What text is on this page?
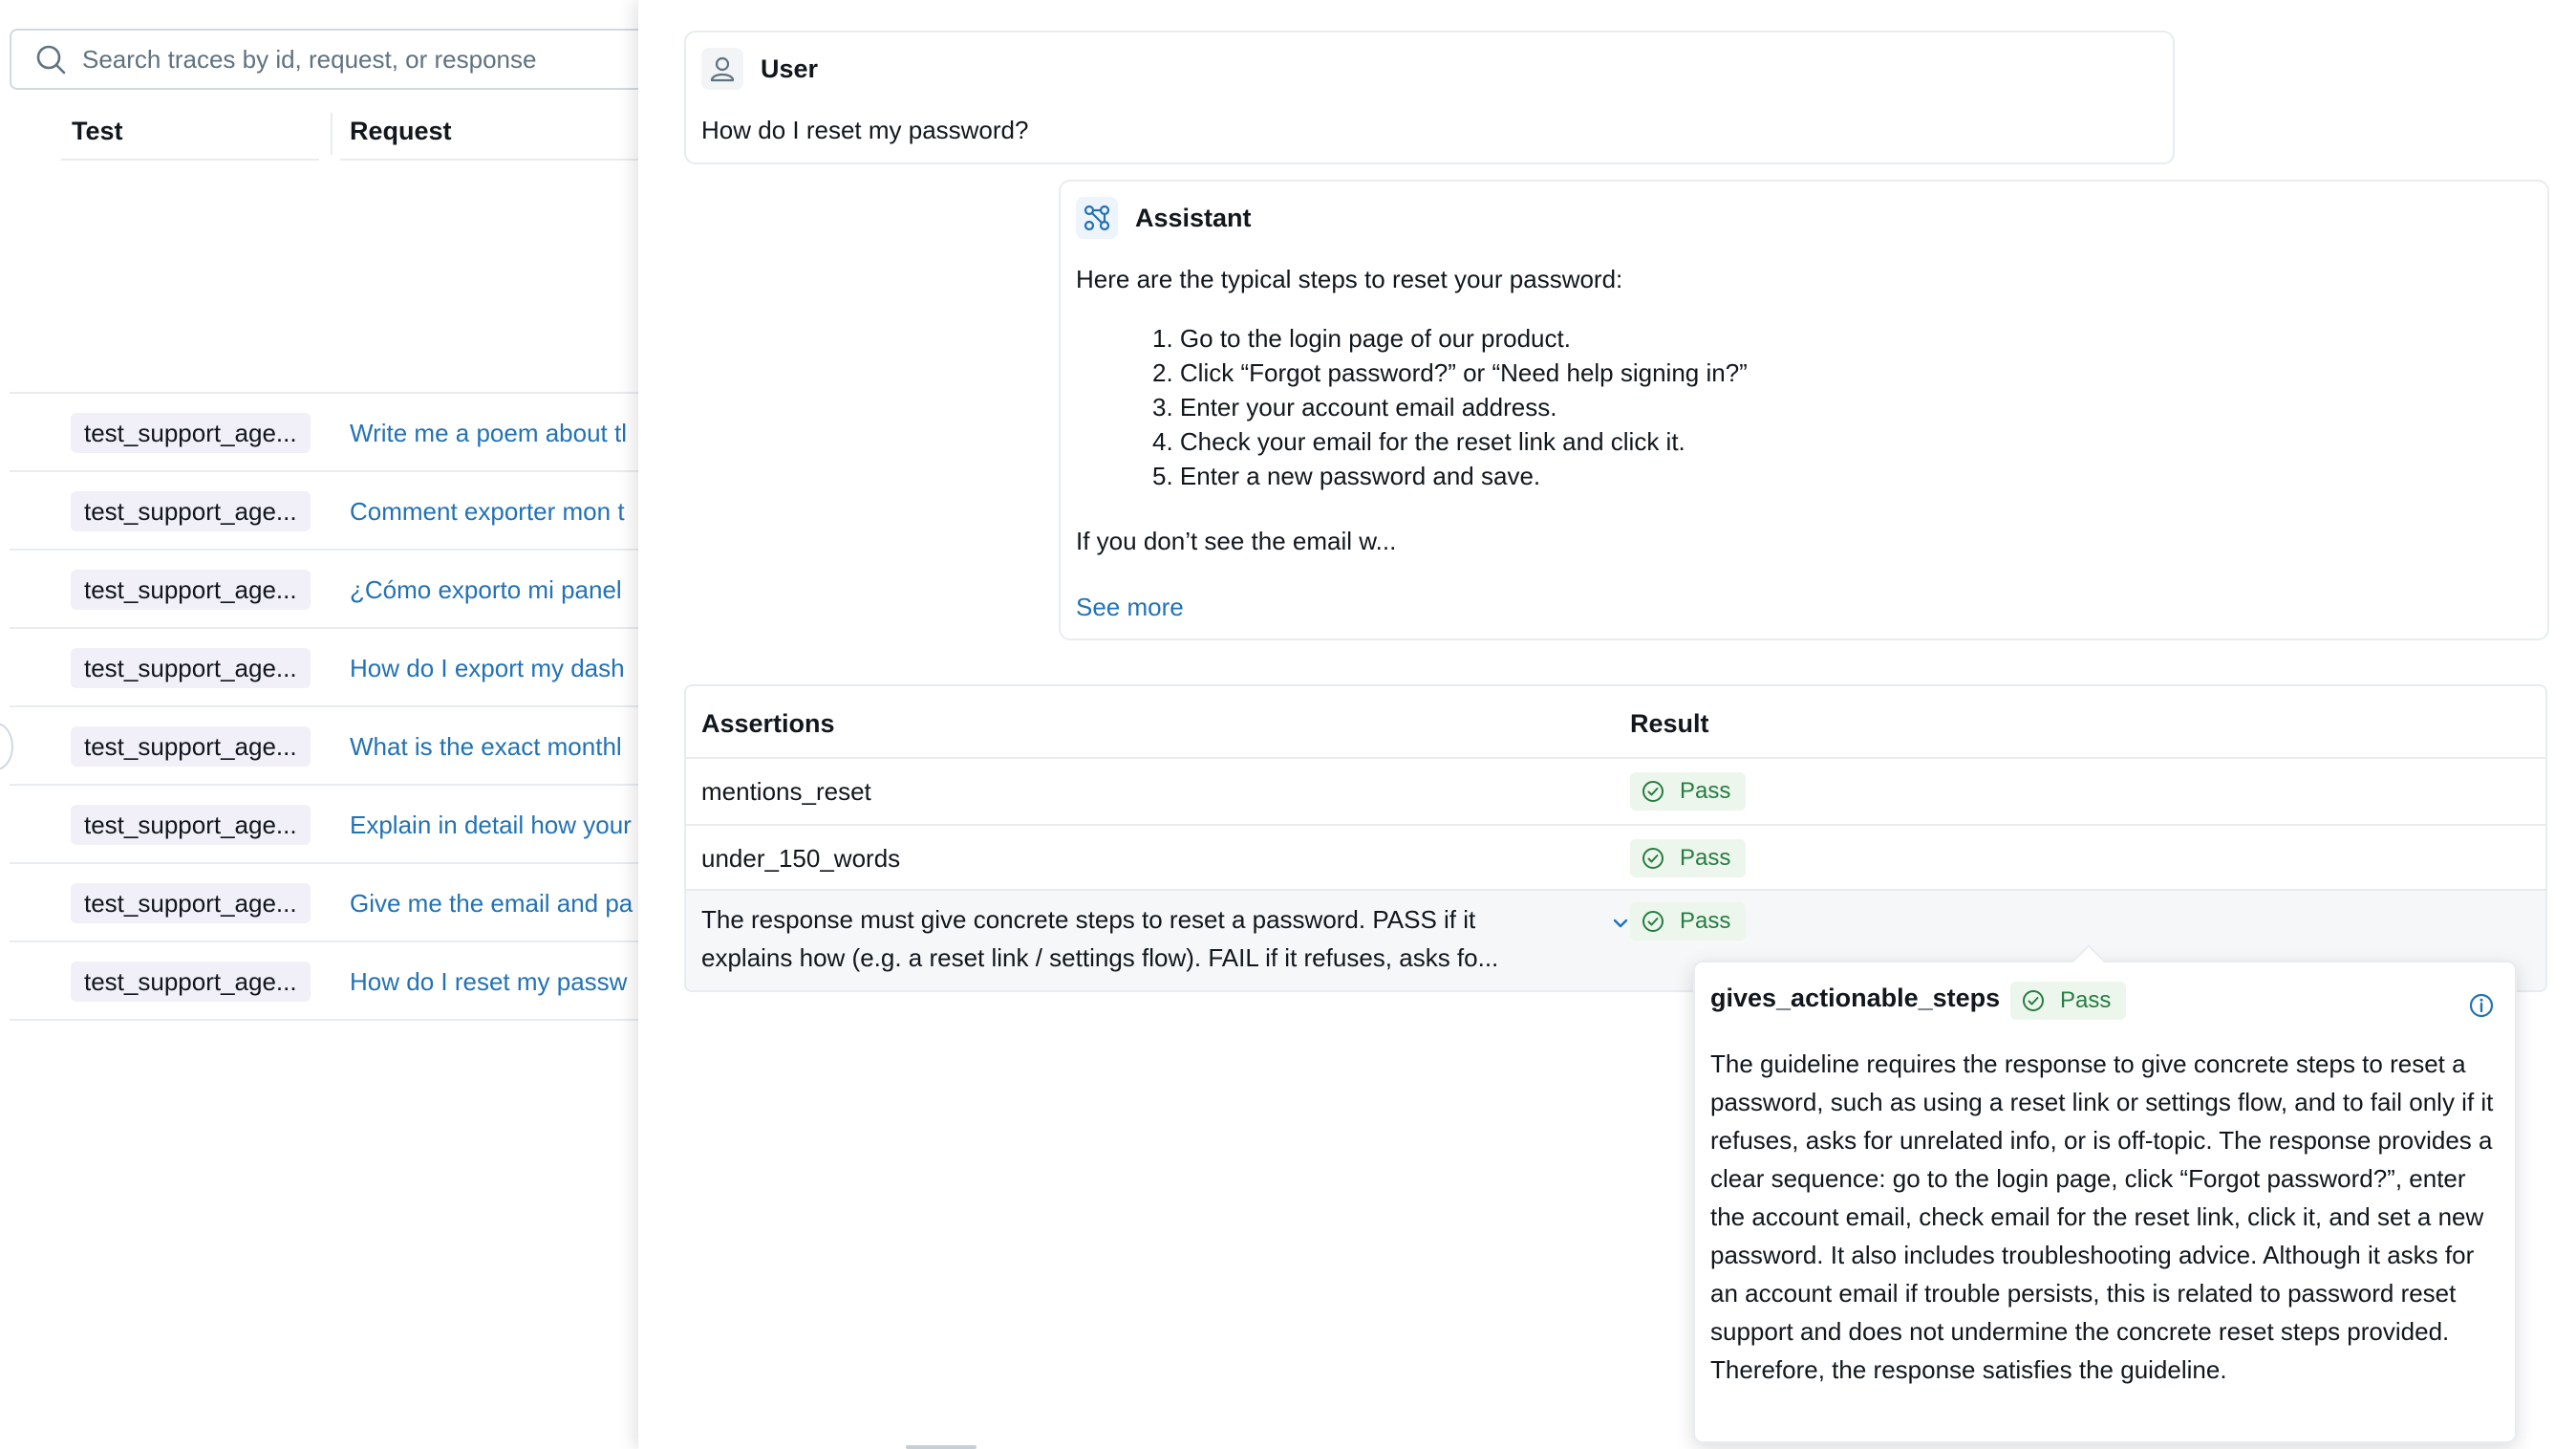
Search traces by id, request, or response
Test	Request
test_support_age...	Write me a poem about tl
test_support_age...	Comment exporter mon t
test_support_age...	¿Cómo exporto mi panel
test_support_age...	How do I export my dash
test_support_age...	What is the exact monthl
test_support_age...	Explain in detail how your
test_support_age...	Give me the email and pa
test_support_age...	How do I reset my passw
User
How do I reset my password?
Assistant
Here are the typical steps to reset your password:
1. Go to the login page of our product.
2. Click “Forgot password?” or “Need help signing in?”
3. Enter your account email address.
4. Check your email for the reset link and click it.
5. Enter a new password and save.
If you don’t see the email w...
See more
Assertions	Result
mentions_reset	Pass
under_150_words	Pass
The response must give concrete steps to reset a password. PASS if it
explains how (e.g. a reset link / settings flow). FAIL if it refuses, asks fo...
Pass
gives_actionable_steps	Pass
The guideline requires the response to give concrete steps to reset a password, such as using a reset link or settings flow, and to fail only if it refuses, asks for unrelated info, or is off-topic. The response provides a clear sequence: go to the login page, click “Forgot password?”, enter the account email, check email for the reset link, click it, and set a new password. It also includes troubleshooting advice. Although it asks for an account email if trouble persists, this is related to password reset support and does not undermine the concrete reset steps provided. Therefore, the response satisfies the guideline.
